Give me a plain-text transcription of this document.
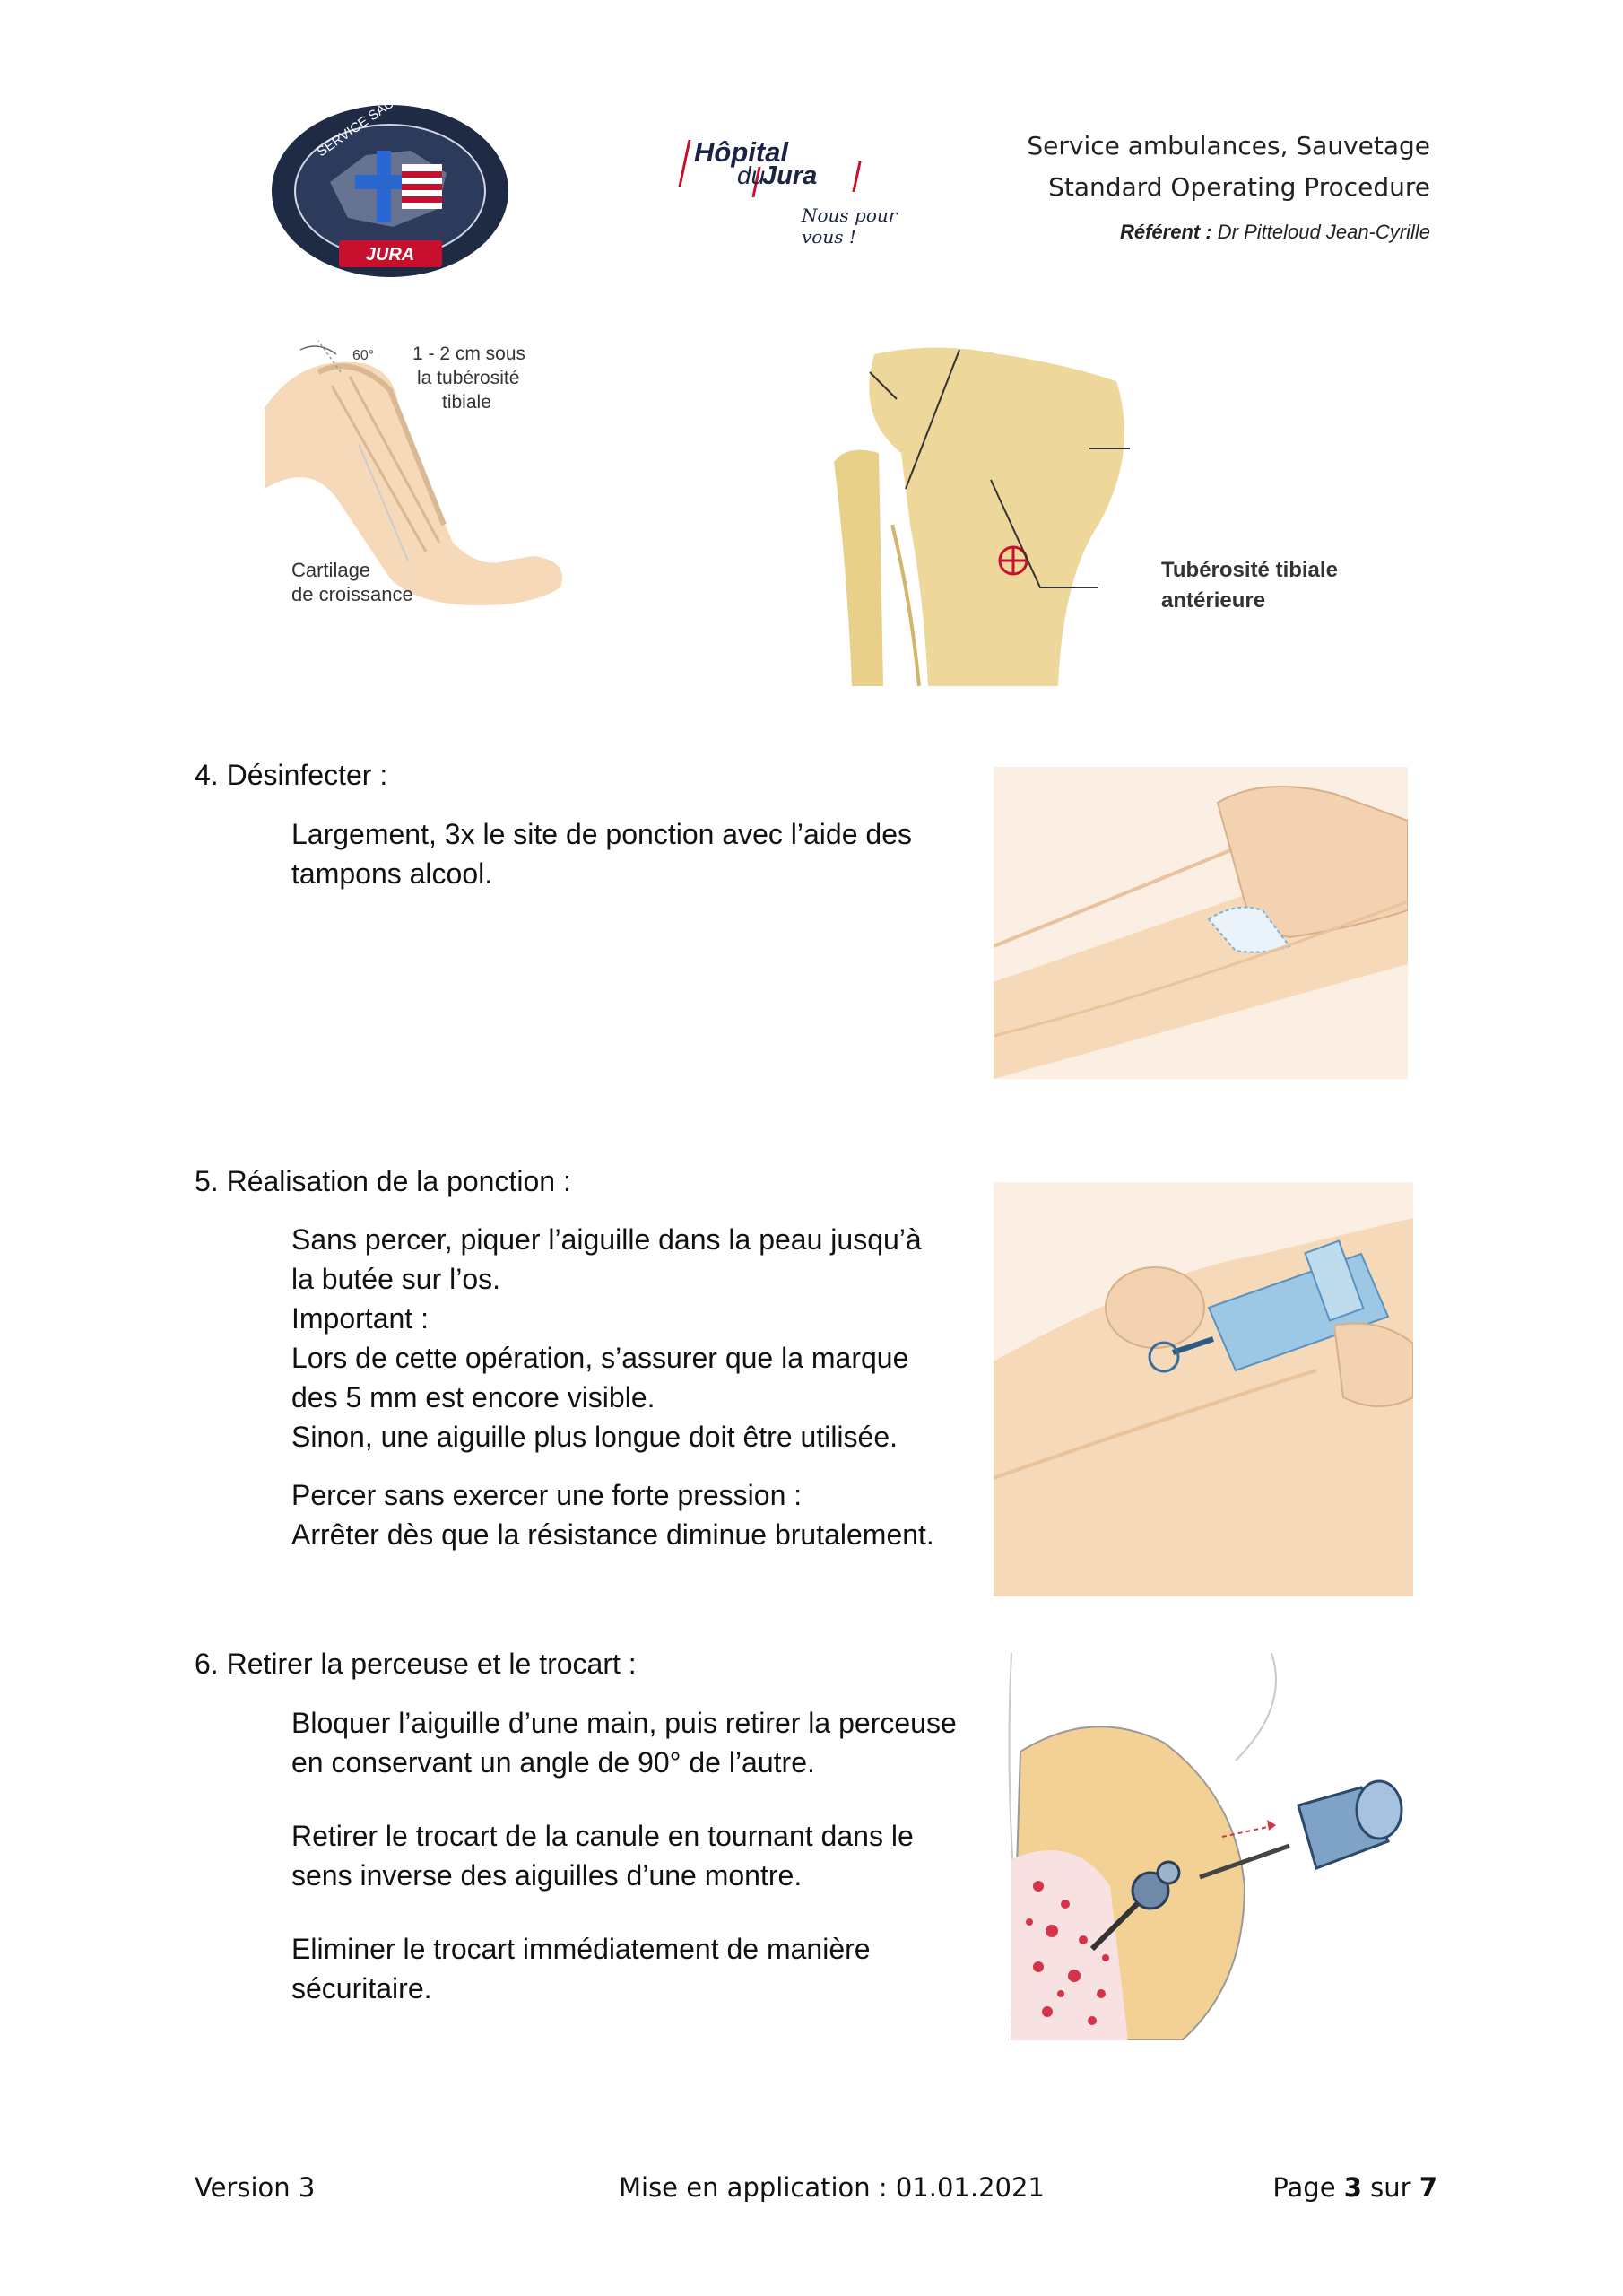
JURA
Hôpital
du
Jura
Nous pour vous !
Service ambulances, Sauvetage
Standard Operating Procedure
Référent : Dr Pitteloud Jean-Cyrille
60° 1 - 2 cm sous
la tubérosité
tibiale
Cartilage
de croissance
Tubérosité tibiale
antérieure
4. Désinfecter :
Largement, 3x le site de ponction avec l’aide des
tampons alcool.
5. Réalisation de la ponction :
Sans percer, piquer l’aiguille dans la peau jusqu’à
la butée sur l’os.
Important :
Lors de cette opération, s’assurer que la marque
des 5 mm est encore visible.
Sinon, une aiguille plus longue doit être utilisée.
Percer sans exercer une forte pression :
Arrêter dès que la résistance diminue brutalement.
6. Retirer la perceuse et le trocart :
Bloquer l’aiguille d’une main, puis retirer la perceuse
en conservant un angle de 90° de l’autre.
Retirer le trocart de la canule en tournant dans le
sens inverse des aiguilles d’une montre.
Eliminer le trocart immédiatement de manière
sécuritaire.
Version 3	Mise en application : 01.01.2021	Page 3 sur 7
